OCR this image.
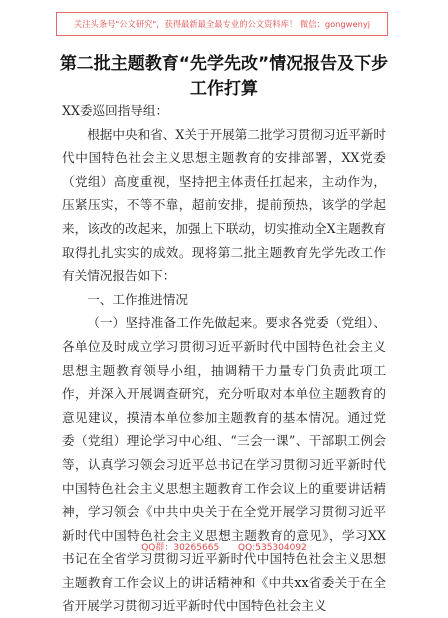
关注头条号"公文研究"，获得最新最全最专业的公文资料库！ 微信：gongwenyj
第二批主题教育“先学先改”情况报告及下步
工作打算

XX委巡回指导组：

根据中央和省、X关于开展第二批学习贯彻习近平新时代中国特色社会主义思想主题教育的安排部署，XX党委（党组）高度重视，坚持把主体责任扛起来，主动作为，压紧压实，不等不靠，超前安排，提前预热，该学的学起来，该改的改起来，加强上下联动，切实推动全X主题教育取得扎扎实实的成效。现将第二批主题教育先学先改工作有关情况报告如下：

一、工作推进情况

（一）坚持准备工作先做起来。要求各党委（党组）、各单位及时成立学习贯彻习近平新时代中国特色社会主义思想主题教育领导小组，抽调精干力量专门负责此项工作，并深入开展调查研究，充分听取对本单位主题教育的意见建议，摸清本单位参加主题教育的基本情况。通过党委（党组）理论学习中心组、“三会一课”、干部职工例会等，认真学习领会习近平总书记在学习贯彻习近平新时代中国特色社会主义思想主题教育工作会议上的重要讲话精神，学习领会《中共中央关于在全党开展学习贯彻习近平新时代中国特色社会主义思想主题教育的意见》，学习XX书记在全省学习贯彻习近平新时代中国特色社会主义思想主题教育工作会议上的讲话精神和《中共xx省委关于在全省开展学习贯彻习近平新时代中国特色社会主义

QQ群：30265665 QQ:535304092
